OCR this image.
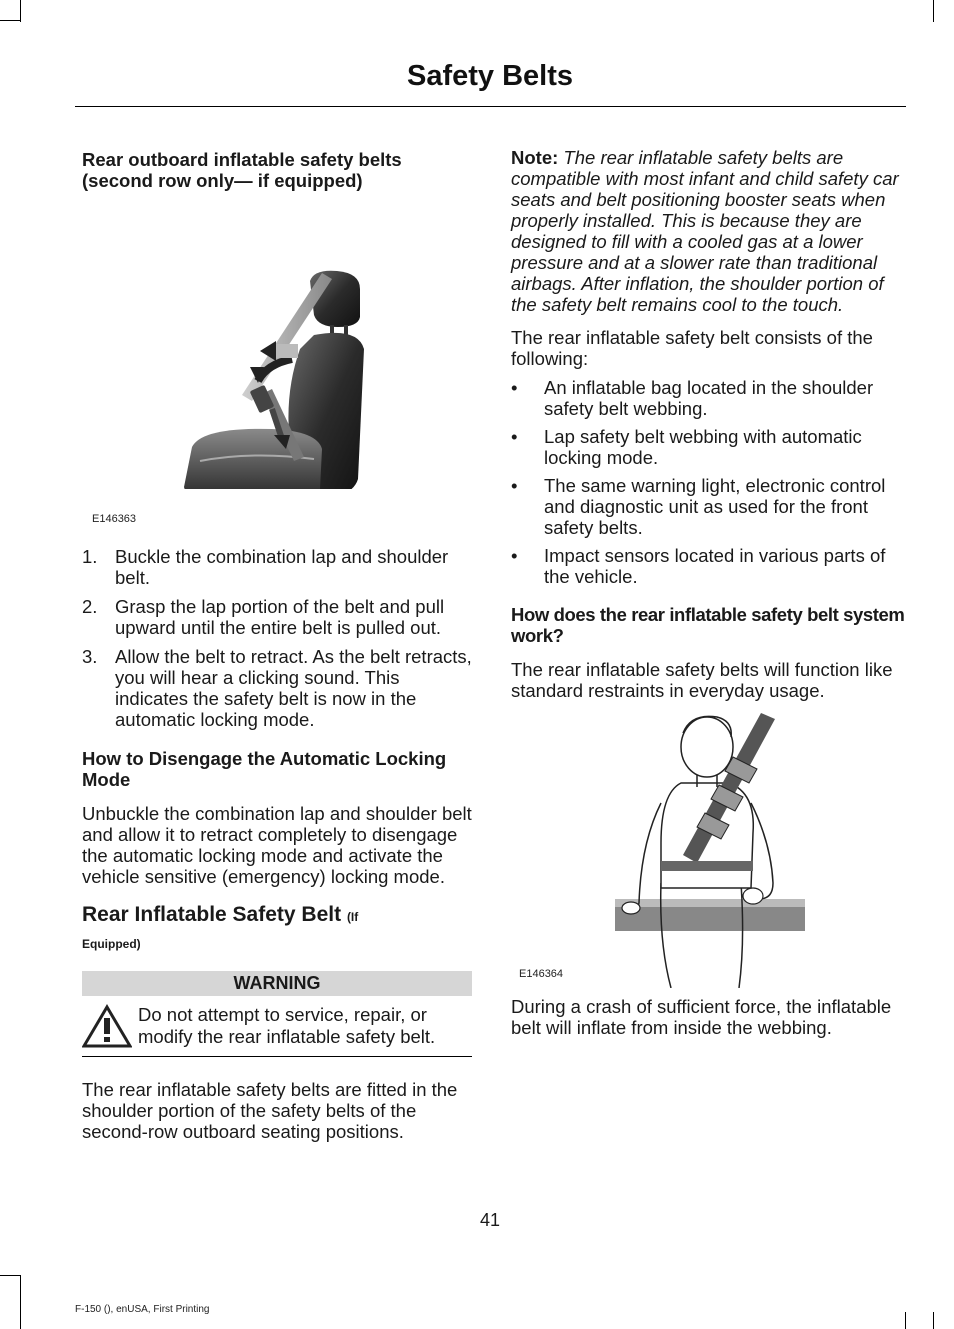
Safety Belts
Rear outboard inflatable safety belts (second row only— if equipped)
E146363
1. Buckle the combination lap and shoulder belt.
2. Grasp the lap portion of the belt and pull upward until the entire belt is pulled out.
3. Allow the belt to retract. As the belt retracts, you will hear a clicking sound. This indicates the safety belt is now in the automatic locking mode.
How to Disengage the Automatic Locking Mode

Unbuckle the combination lap and shoulder belt and allow it to retract completely to disengage the automatic locking mode and activate the vehicle sensitive (emergency) locking mode.

Rear Inflatable Safety Belt (If
Equipped)
WARNING
Do not attempt to service, repair, or modify the rear inflatable safety belt.

The rear inflatable safety belts are fitted in the shoulder portion of the safety belts of the second-row outboard seating positions.

Note: The rear inflatable safety belts are compatible with most infant and child safety car seats and belt positioning booster seats when properly installed. This is because they are designed to fill with a cooled gas at a lower pressure and at a slower rate than traditional airbags. After inflation, the shoulder portion of the safety belt remains cool to the touch.

The rear inflatable safety belt consists of the following:

• An inflatable bag located in the shoulder safety belt webbing.
• Lap safety belt webbing with automatic locking mode.
• The same warning light, electronic control and diagnostic unit as used for the front safety belts.
• Impact sensors located in various parts of the vehicle.
How does the rear inflatable safety belt system work?

The rear inflatable safety belts will function like standard restraints in everyday usage.

E146364

During a crash of sufficient force, the inflatable belt will inflate from inside the webbing.

41
F-150 (), enUSA, First Printing
